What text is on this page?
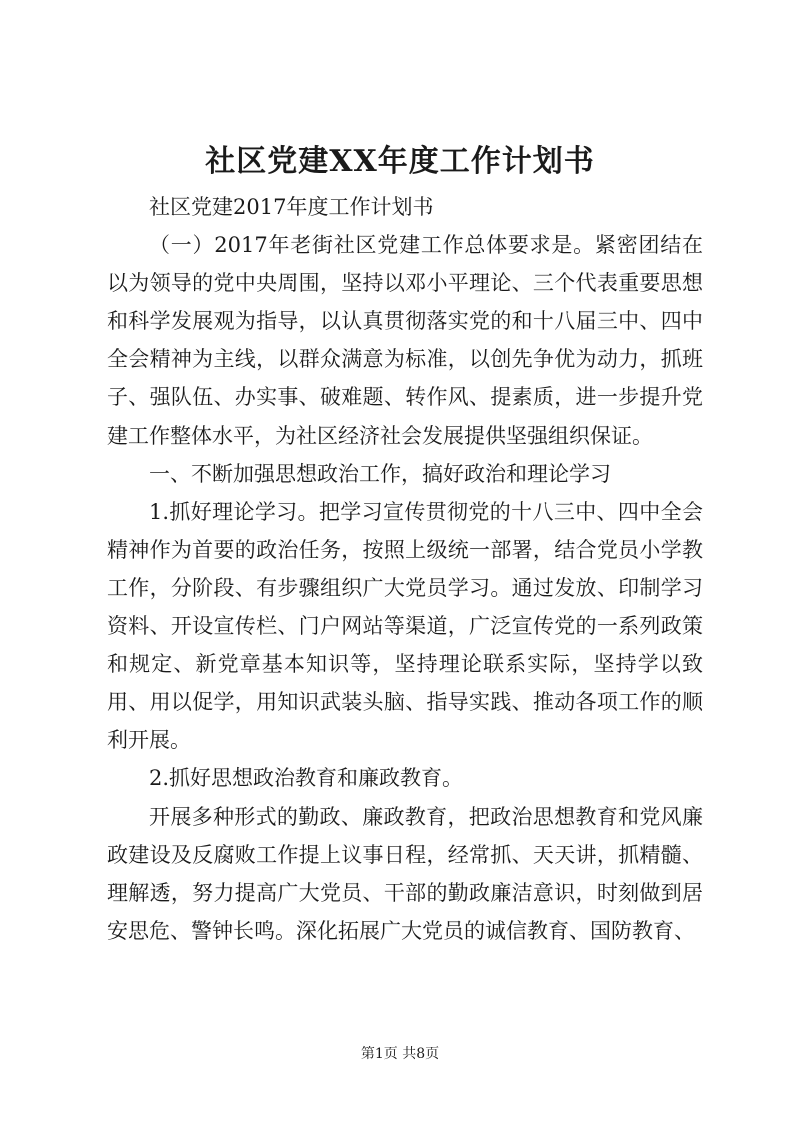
社区党建XX年度工作计划书

社区党建2017年度工作计划书

（一）2017年老街社区党建工作总体要求是。紧密团结在以为领导的党中央周围，坚持以邓小平理论、三个代表重要思想和科学发展观为指导，以认真贯彻落实党的和十八届三中、四中全会精神为主线，以群众满意为标准，以创先争优为动力，抓班子、强队伍、办实事、破难题、转作风、提素质，进一步提升党建工作整体水平，为社区经济社会发展提供坚强组织保证。

一、不断加强思想政治工作，搞好政治和理论学习

1.抓好理论学习。把学习宣传贯彻党的十八三中、四中全会精神作为首要的政治任务，按照上级统一部署，结合党员小学教工作，分阶段、有步骤组织广大党员学习。通过发放、印制学习资料、开设宣传栏、门户网站等渠道，广泛宣传党的一系列政策和规定、新党章基本知识等，坚持理论联系实际，坚持学以致用、用以促学，用知识武装头脑、指导实践、推动各项工作的顺利开展。

2.抓好思想政治教育和廉政教育。

开展多种形式的勤政、廉政教育，把政治思想教育和党风廉政建设及反腐败工作提上议事日程，经常抓、天天讲，抓精髓、理解透，努力提高广大党员、干部的勤政廉洁意识，时刻做到居安思危、警钟长鸣。深化拓展广大党员的诚信教育、国防教育、

第1页 共8页
